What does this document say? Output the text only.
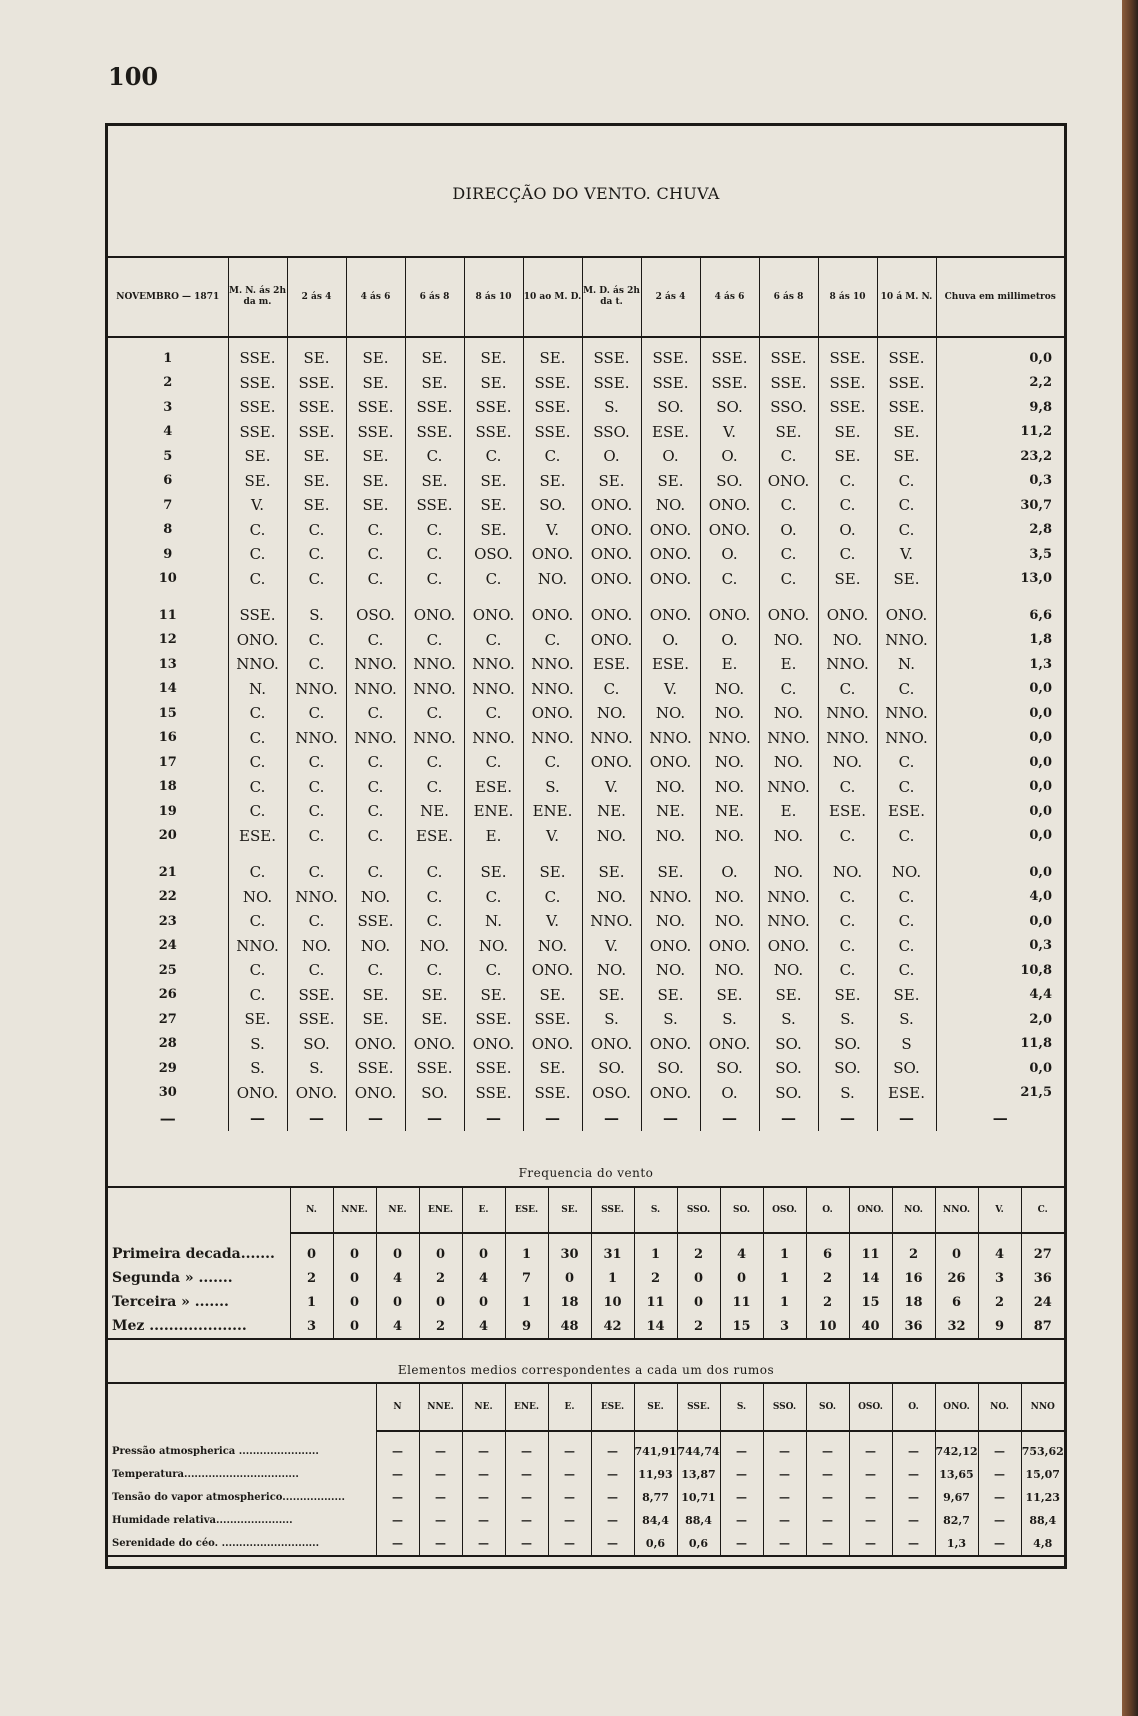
100
DIRECÇÃO DO VENTO. CHUVA
NOVEMBRO — 1871	M. N. ás 2h da m.	2 ás 4	4 ás 6	6 ás 8	8 ás 10	10 ao M. D.	M. D. ás 2h da t.	2 ás 4	4 ás 6	6 ás 8	8 ás 10	10 á M. N.	Chuva em millimetros
1	SSE.	SE.	SE.	SE.	SE.	SE.	SSE.	SSE.	SSE.	SSE.	SSE.	SSE.	0,0
2	SSE.	SSE.	SE.	SE.	SE.	SSE.	SSE.	SSE.	SSE.	SSE.	SSE.	SSE.	2,2
3	SSE.	SSE.	SSE.	SSE.	SSE.	SSE.	S.	SO.	SO.	SSO.	SSE.	SSE.	9,8
4	SSE.	SSE.	SSE.	SSE.	SSE.	SSE.	SSO.	ESE.	V.	SE.	SE.	SE.	11,2
5	SE.	SE.	SE.	C.	C.	C.	O.	O.	O.	C.	SE.	SE.	23,2
6	SE.	SE.	SE.	SE.	SE.	SE.	SE.	SE.	SO.	ONO.	C.	C.	0,3
7	V.	SE.	SE.	SSE.	SE.	SO.	ONO.	NO.	ONO.	C.	C.	C.	30,7
8	C.	C.	C.	C.	SE.	V.	ONO.	ONO.	ONO.	O.	O.	C.	2,8
9	C.	C.	C.	C.	OSO.	ONO.	ONO.	ONO.	O.	C.	C.	V.	3,5
10	C.	C.	C.	C.	C.	NO.	ONO.	ONO.	C.	C.	SE.	SE.	13,0
11	SSE.	S.	OSO.	ONO.	ONO.	ONO.	ONO.	ONO.	ONO.	ONO.	ONO.	ONO.	6,6
12	ONO.	C.	C.	C.	C.	C.	ONO.	O.	O.	NO.	NO.	NNO.	1,8
13	NNO.	C.	NNO.	NNO.	NNO.	NNO.	ESE.	ESE.	E.	E.	NNO.	N.	1,3
14	N.	NNO.	NNO.	NNO.	NNO.	NNO.	C.	V.	NO.	C.	C.	C.	0,0
15	C.	C.	C.	C.	C.	ONO.	NO.	NO.	NO.	NO.	NNO.	NNO.	0,0
16	C.	NNO.	NNO.	NNO.	NNO.	NNO.	NNO.	NNO.	NNO.	NNO.	NNO.	NNO.	0,0
17	C.	C.	C.	C.	C.	C.	ONO.	ONO.	NO.	NO.	NO.	C.	0,0
18	C.	C.	C.	C.	ESE.	S.	V.	NO.	NO.	NNO.	C.	C.	0,0
19	C.	C.	C.	NE.	ENE.	ENE.	NE.	NE.	NE.	E.	ESE.	ESE.	0,0
20	ESE.	C.	C.	ESE.	E.	V.	NO.	NO.	NO.	NO.	C.	C.	0,0
21	C.	C.	C.	C.	SE.	SE.	SE.	SE.	O.	NO.	NO.	NO.	0,0
22	NO.	NNO.	NO.	C.	C.	C.	NO.	NNO.	NO.	NNO.	C.	C.	4,0
23	C.	C.	SSE.	C.	N.	V.	NNO.	NO.	NO.	NNO.	C.	C.	0,0
24	NNO.	NO.	NO.	NO.	NO.	NO.	V.	ONO.	ONO.	ONO.	C.	C.	0,3
25	C.	C.	C.	C.	C.	ONO.	NO.	NO.	NO.	NO.	C.	C.	10,8
26	C.	SSE.	SE.	SE.	SE.	SE.	SE.	SE.	SE.	SE.	SE.	SE.	4,4
27	SE.	SSE.	SE.	SE.	SSE.	SSE.	S.	S.	S.	S.	S.	S.	2,0
28	S.	SO.	ONO.	ONO.	ONO.	ONO.	ONO.	ONO.	ONO.	SO.	SO.	S	11,8
29	S.	S.	SSE.	SSE.	SSE.	SE.	SO.	SO.	SO.	SO.	SO.	SO.	0,0
30	ONO.	ONO.	ONO.	SO.	SSE.	SSE.	OSO.	ONO.	O.	SO.	S.	ESE.	21,5
—	—	—	—	—	—	—	—	—	—	—	—	—	—
Frequencia do vento
	N.	NNE.	NE.	ENE.	E.	ESE.	SE.	SSE.	S.	SSO.	SO.	OSO.	O.	ONO.	NO.	NNO.	V.	C.
Primeira decada.......	0	0	0	0	0	1	30	31	1	2	4	1	6	11	2	0	4	27
Segunda » .......	2	0	4	2	4	7	0	1	2	0	0	1	2	14	16	26	3	36
Terceira » .......	1	0	0	0	0	1	18	10	11	0	11	1	2	15	18	6	2	24
Mez ....................	3	0	4	2	4	9	48	42	14	2	15	3	10	40	36	32	9	87
Elementos medios correspondentes a cada um dos rumos
	N	NNE.	NE.	ENE.	E.	ESE.	SE.	SSE.	S.	SSO.	SO.	OSO.	O.	ONO.	NO.	NNO
Pressão atmospherica .......................	—	—	—	—	—	—	741,91	744,74	—	—	—	—	—	742,12	—	753,62
Temperatura.................................	—	—	—	—	—	—	11,93	13,87	—	—	—	—	—	13,65	—	15,07
Tensão do vapor atmospherico..................	—	—	—	—	—	—	8,77	10,71	—	—	—	—	—	9,67	—	11,23
Humidade relativa......................	—	—	—	—	—	—	84,4	88,4	—	—	—	—	—	82,7	—	88,4
Serenidade do céo. ............................	—	—	—	—	—	—	0,6	0,6	—	—	—	—	—	1,3	—	4,8
